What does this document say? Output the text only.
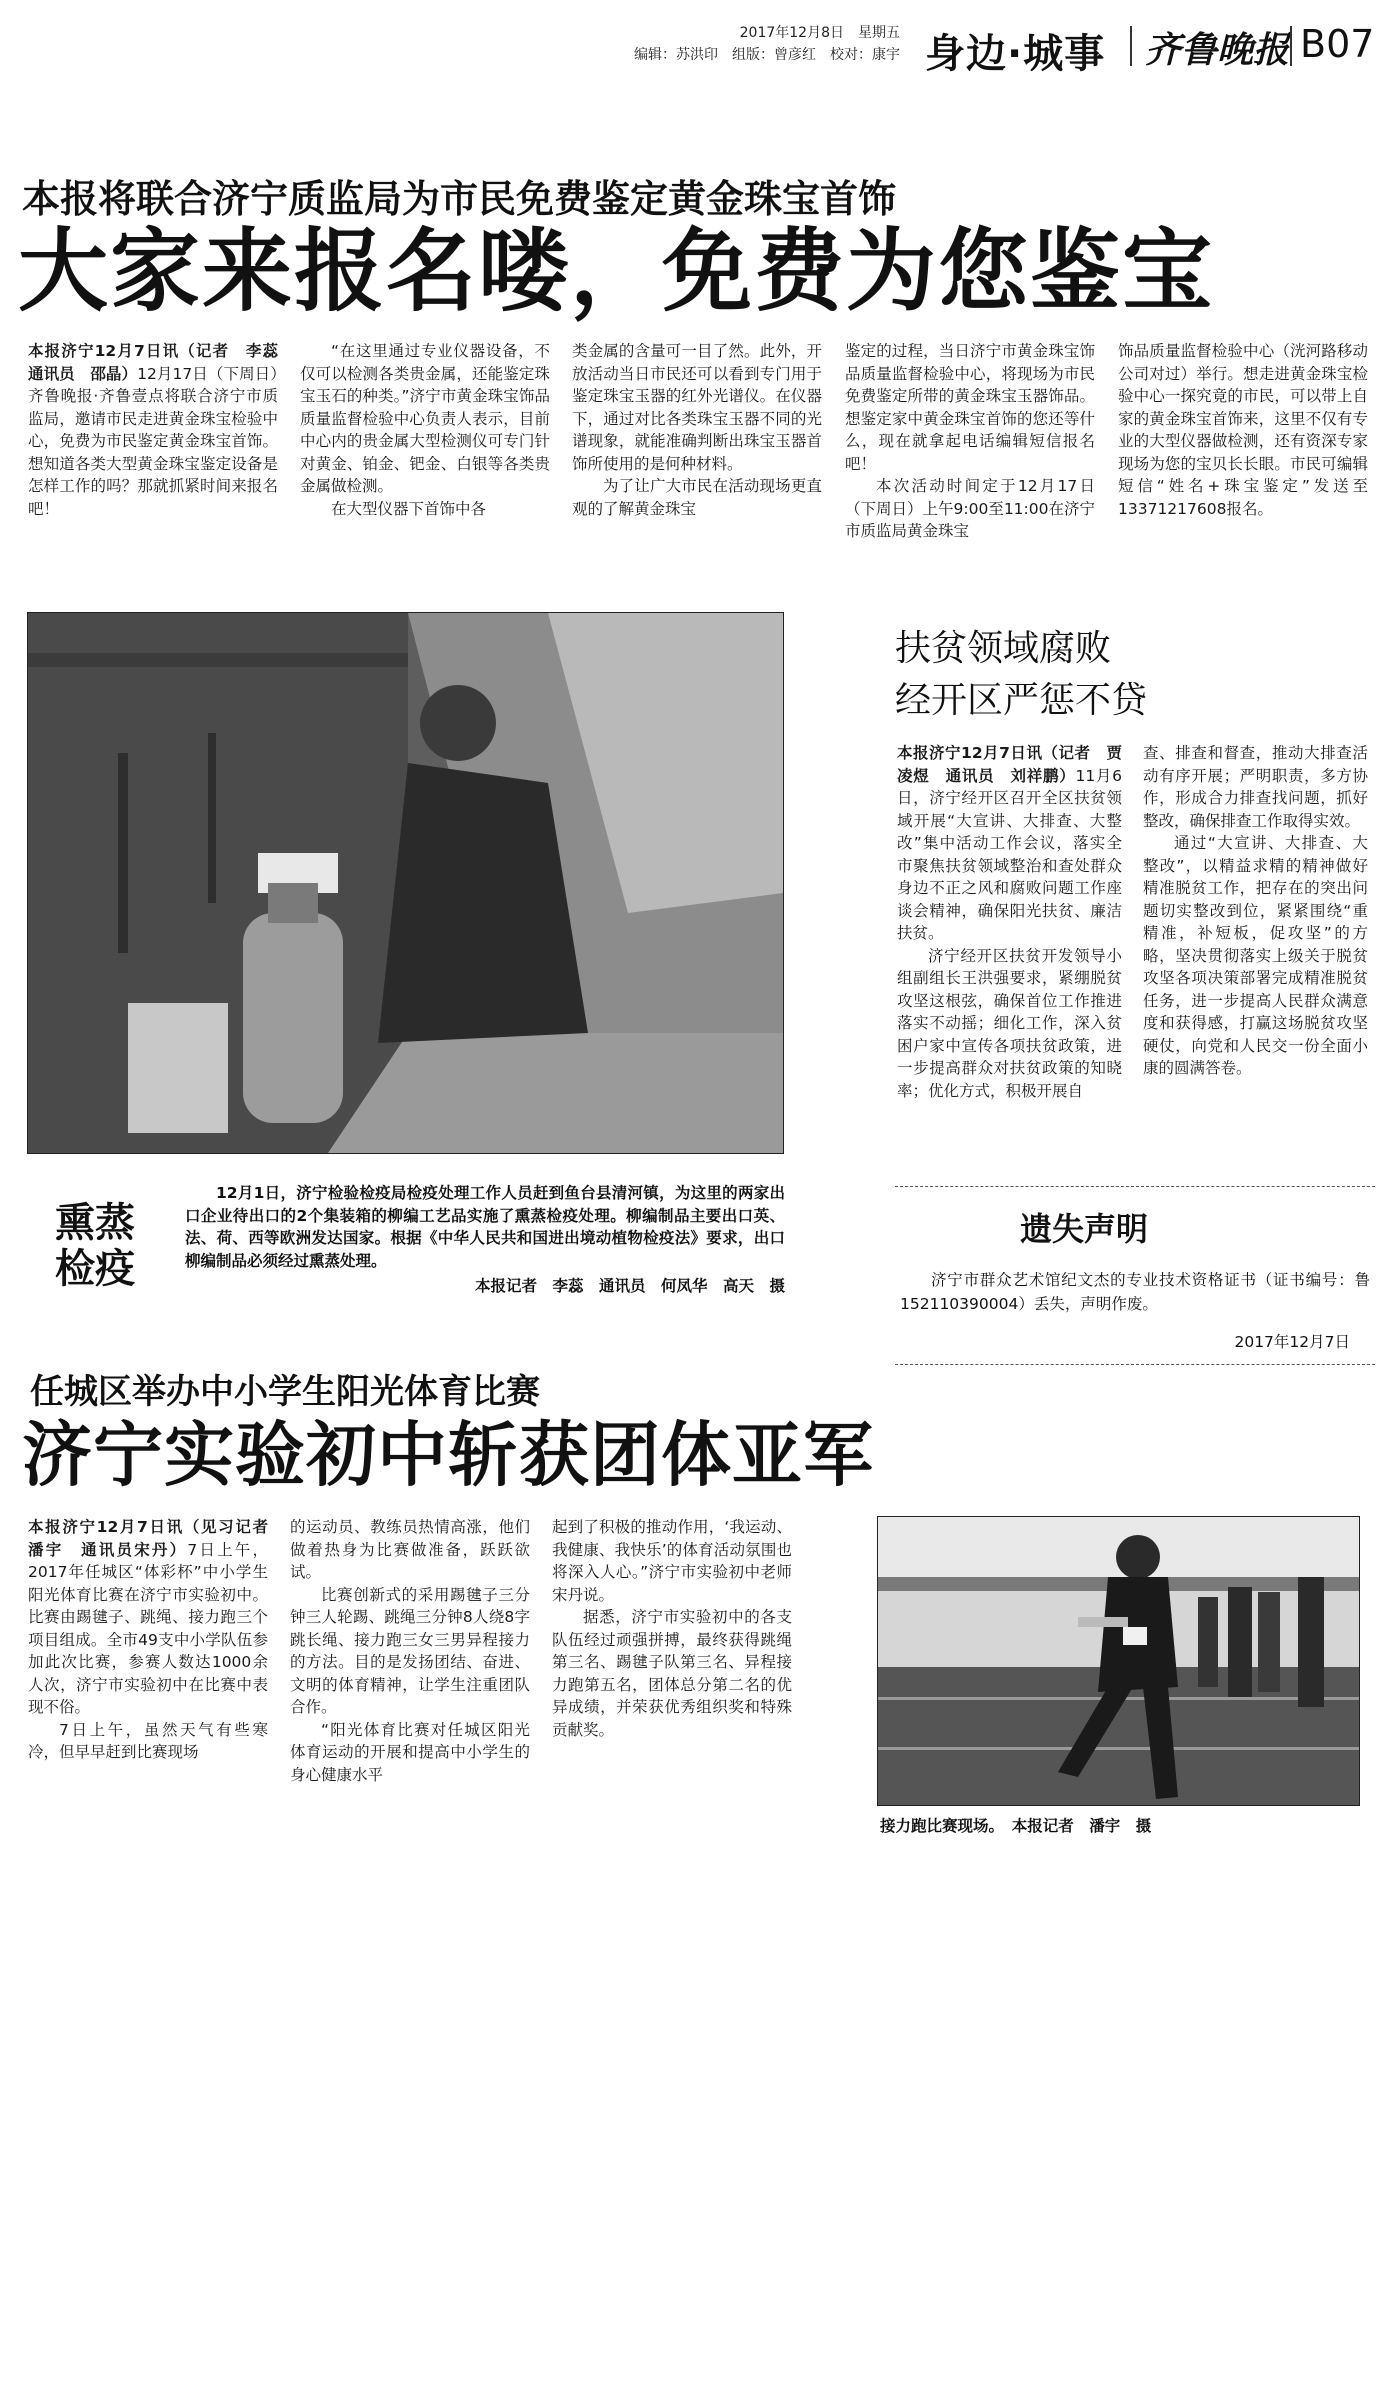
2017年12月8日　星期五
编辑：苏洪印　组版：曾彦红　校对：康宇 身边·城事 齐鲁晚报 B07
本报将联合济宁质监局为市民免费鉴定黄金珠宝首饰
大家来报名喽，免费为您鉴宝

本报济宁12月7日讯（记者　李蕊　通讯员　邵晶）12月17日（下周日）齐鲁晚报·齐鲁壹点将联合济宁市质监局，邀请市民走进黄金珠宝检验中心，免费为市民鉴定黄金珠宝首饰。想知道各类大型黄金珠宝鉴定设备是怎样工作的吗？那就抓紧时间来报名吧！

“在这里通过专业仪器设备，不仅可以检测各类贵金属，还能鉴定珠宝玉石的种类。”济宁市黄金珠宝饰品质量监督检验中心负责人表示，目前中心内的贵金属大型检测仪可专门针对黄金、铂金、钯金、白银等各类贵金属做检测。

在大型仪器下首饰中各

类金属的含量可一目了然。此外，开放活动当日市民还可以看到专门用于鉴定珠宝玉器的红外光谱仪。在仪器下，通过对比各类珠宝玉器不同的光谱现象，就能准确判断出珠宝玉器首饰所使用的是何种材料。

为了让广大市民在活动现场更直观的了解黄金珠宝

鉴定的过程，当日济宁市黄金珠宝饰品质量监督检验中心，将现场为市民免费鉴定所带的黄金珠宝玉器饰品。想鉴定家中黄金珠宝首饰的您还等什么，现在就拿起电话编辑短信报名吧！

本次活动时间定于12月17日（下周日）上午9:00至11:00在济宁市质监局黄金珠宝

饰品质量监督检验中心（洸河路移动公司对过）举行。想走进黄金珠宝检验中心一探究竟的市民，可以带上自家的黄金珠宝首饰来，这里不仅有专业的大型仪器做检测，还有资深专家现场为您的宝贝长长眼。市民可编辑短信“姓名+珠宝鉴定”发送至13371217608报名。

熏蒸
检疫
12月1日，济宁检验检疫局检疫处理工作人员赶到鱼台县清河镇，为这里的两家出口企业待出口的2个集装箱的柳编工艺品实施了熏蒸检疫处理。柳编制品主要出口英、法、荷、西等欧洲发达国家。根据《中华人民共和国进出境动植物检疫法》要求，出口柳编制品必须经过熏蒸处理。
本报记者　李蕊　通讯员　何凤华　高天　摄
扶贫领域腐败
经开区严惩不贷

本报济宁12月7日讯（记者　贾凌煜　通讯员　刘祥鹏）11月6日，济宁经开区召开全区扶贫领域开展“大宣讲、大排查、大整改”集中活动工作会议，落实全市聚焦扶贫领域整治和查处群众身边不正之风和腐败问题工作座谈会精神，确保阳光扶贫、廉洁扶贫。

济宁经开区扶贫开发领导小组副组长王洪强要求，紧绷脱贫攻坚这根弦，确保首位工作推进落实不动摇；细化工作，深入贫困户家中宣传各项扶贫政策，进一步提高群众对扶贫政策的知晓率；优化方式，积极开展自

查、排查和督查，推动大排查活动有序开展；严明职责，多方协作，形成合力排查找问题，抓好整改，确保排查工作取得实效。

通过“大宣讲、大排查、大整改”，以精益求精的精神做好精准脱贫工作，把存在的突出问题切实整改到位，紧紧围绕“重精准，补短板，促攻坚”的方略，坚决贯彻落实上级关于脱贫攻坚各项决策部署完成精准脱贫任务，进一步提高人民群众满意度和获得感，打赢这场脱贫攻坚硬仗，向党和人民交一份全面小康的圆满答卷。

遗失声明
济宁市群众艺术馆纪文杰的专业技术资格证书（证书编号：鲁152110390004）丢失，声明作废。
2017年12月7日
任城区举办中小学生阳光体育比赛
济宁实验初中斩获团体亚军

本报济宁12月7日讯（见习记者　潘宇　通讯员宋丹）7日上午，2017年任城区“体彩杯”中小学生阳光体育比赛在济宁市实验初中。比赛由踢毽子、跳绳、接力跑三个项目组成。全市49支中小学队伍参加此次比赛，参赛人数达1000余人次，济宁市实验初中在比赛中表现不俗。

7日上午，虽然天气有些寒冷，但早早赶到比赛现场

的运动员、教练员热情高涨，他们做着热身为比赛做准备，跃跃欲试。

比赛创新式的采用踢毽子三分钟三人轮踢、跳绳三分钟8人绕8字跳长绳、接力跑三女三男异程接力的方法。目的是发扬团结、奋进、文明的体育精神，让学生注重团队合作。

“阳光体育比赛对任城区阳光体育运动的开展和提高中小学生的身心健康水平

起到了积极的推动作用，‘我运动、我健康、我快乐’的体育活动氛围也将深入人心。”济宁市实验初中老师宋丹说。

据悉，济宁市实验初中的各支队伍经过顽强拼搏，最终获得跳绳第三名、踢毽子队第三名、异程接力跑第五名，团体总分第二名的优异成绩，并荣获优秀组织奖和特殊贡献奖。

接力跑比赛现场。　本报记者　潘宇　摄
